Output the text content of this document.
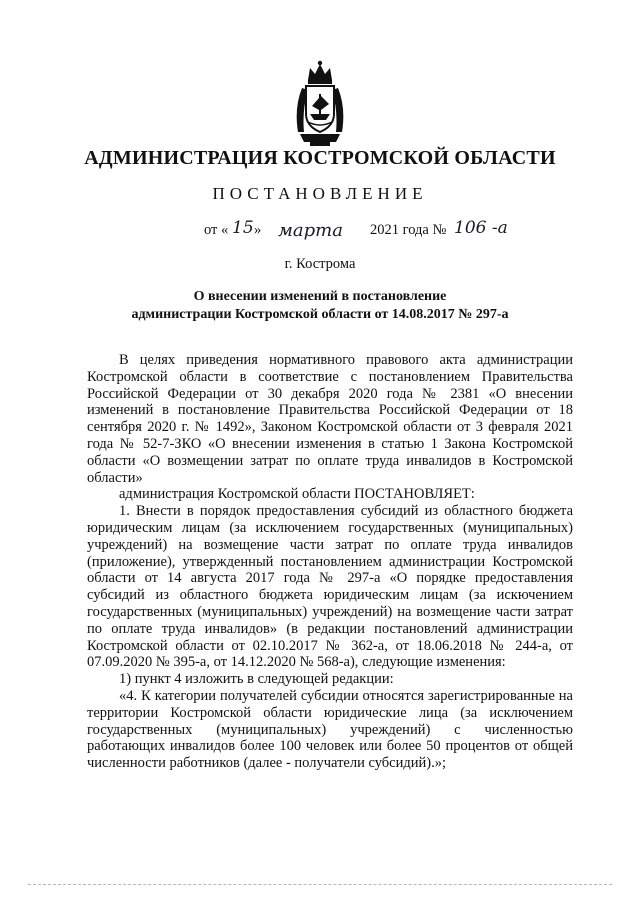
АДМИНИСТРАЦИЯ КОСТРОМСКОЙ ОБЛАСТИ
ПОСТАНОВЛЕНИЕ
от « 15 » марта 2021 года № 106 -а
г. Кострома
О внесении изменений в постановление
администрации Костромской области от 14.08.2017 № 297-а

В целях приведения нормативного правового акта администрации Костромской области в соответствие с постановлением Правительства Российской Федерации от 30 декабря 2020 года № 2381 «О внесении изменений в постановление Правительства Российской Федерации от 18 сентября 2020 г. № 1492», Законом Костромской области от 3 февраля 2021 года № 52-7-ЗКО «О внесении изменения в статью 1 Закона Костромской области «О возмещении затрат по оплате труда инвалидов в Костромской области»

администрация Костромской области ПОСТАНОВЛЯЕТ:

1. Внести в порядок предоставления субсидий из областного бюджета юридическим лицам (за исключением государственных (муниципальных) учреждений) на возмещение части затрат по оплате труда инвалидов (приложение), утвержденный постановлением администрации Костромской области от 14 августа 2017 года № 297-а «О порядке предоставления субсидий из областного бюджета юридическим лицам (за искючением государственных (муниципальных) учреждений) на возмещение части затрат по оплате труда инвалидов» (в редакции постановлений администрации Костромской области от 02.10.2017 № 362-а, от 18.06.2018 № 244-а, от 07.09.2020 № 395-а, от 14.12.2020 № 568-а), следующие изменения:

1) пункт 4 изложить в следующей редакции:

«4. К категории получателей субсидии относятся зарегистрированные на территории Костромской области юридические лица (за исключением государственных (муниципальных) учреждений) с численностью работающих инвалидов более 100 человек или более 50 процентов от общей численности работников (далее - получатели субсидий).»;
